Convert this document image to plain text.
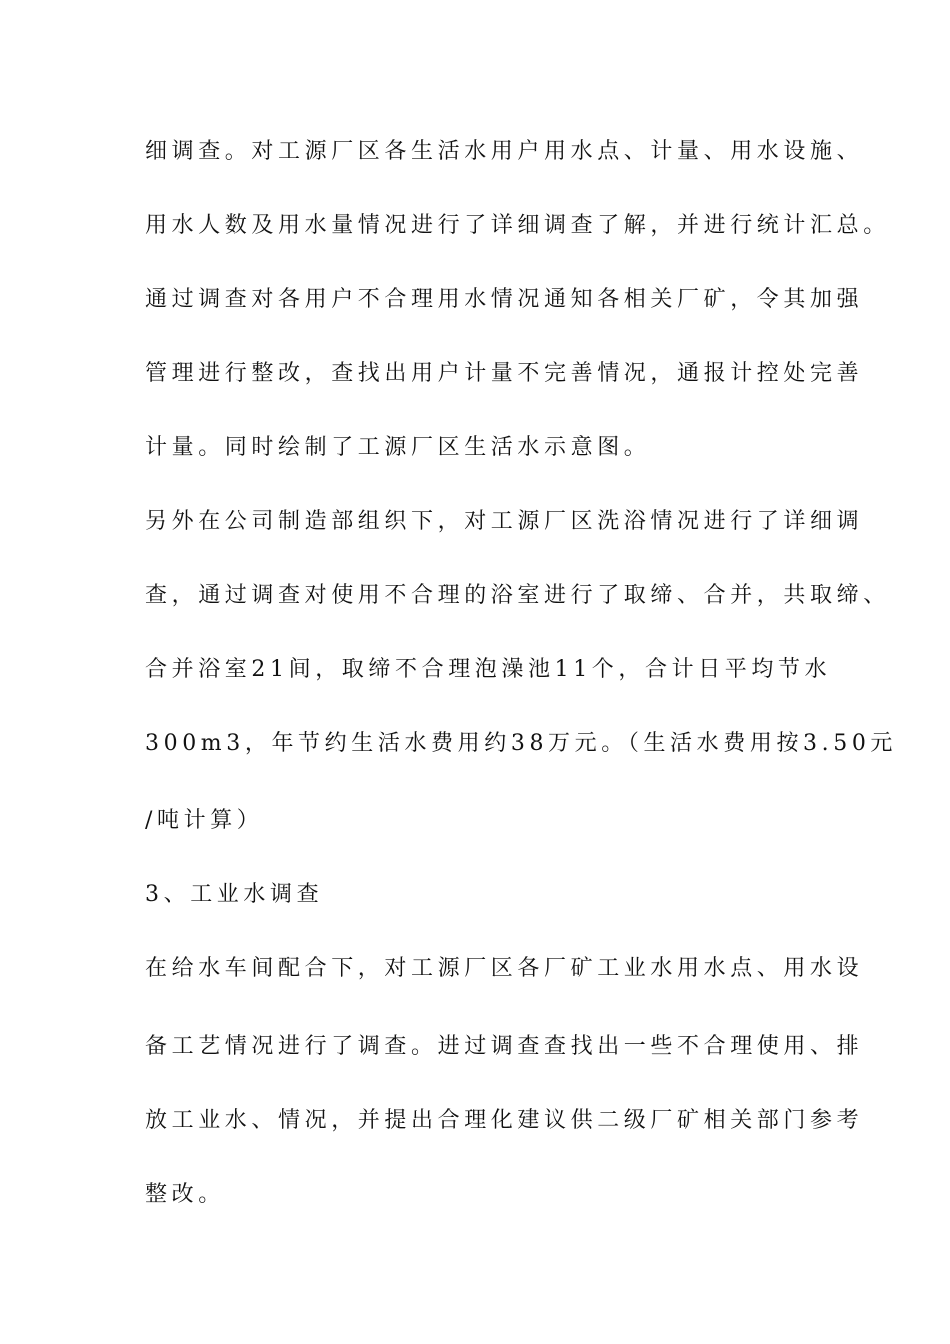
细调查。对工源厂区各生活水用户用水点、计量、用水设施、
用水人数及用水量情况进行了详细调查了解，并进行统计汇总。
通过调查对各用户不合理用水情况通知各相关厂矿，令其加强
管理进行整改，查找出用户计量不完善情况，通报计控处完善
计量。同时绘制了工源厂区生活水示意图。
另外在公司制造部组织下，对工源厂区洗浴情况进行了详细调
查，通过调查对使用不合理的浴室进行了取缔、合并，共取缔、
合并浴室21间，取缔不合理泡澡池11个，合计日平均节水
300m3，年节约生活水费用约38万元。（生活水费用按3.50元
/吨计算）
3、工业水调查
在给水车间配合下，对工源厂区各厂矿工业水用水点、用水设
备工艺情况进行了调查。进过调查查找出一些不合理使用、排
放工业水、情况，并提出合理化建议供二级厂矿相关部门参考
整改。
